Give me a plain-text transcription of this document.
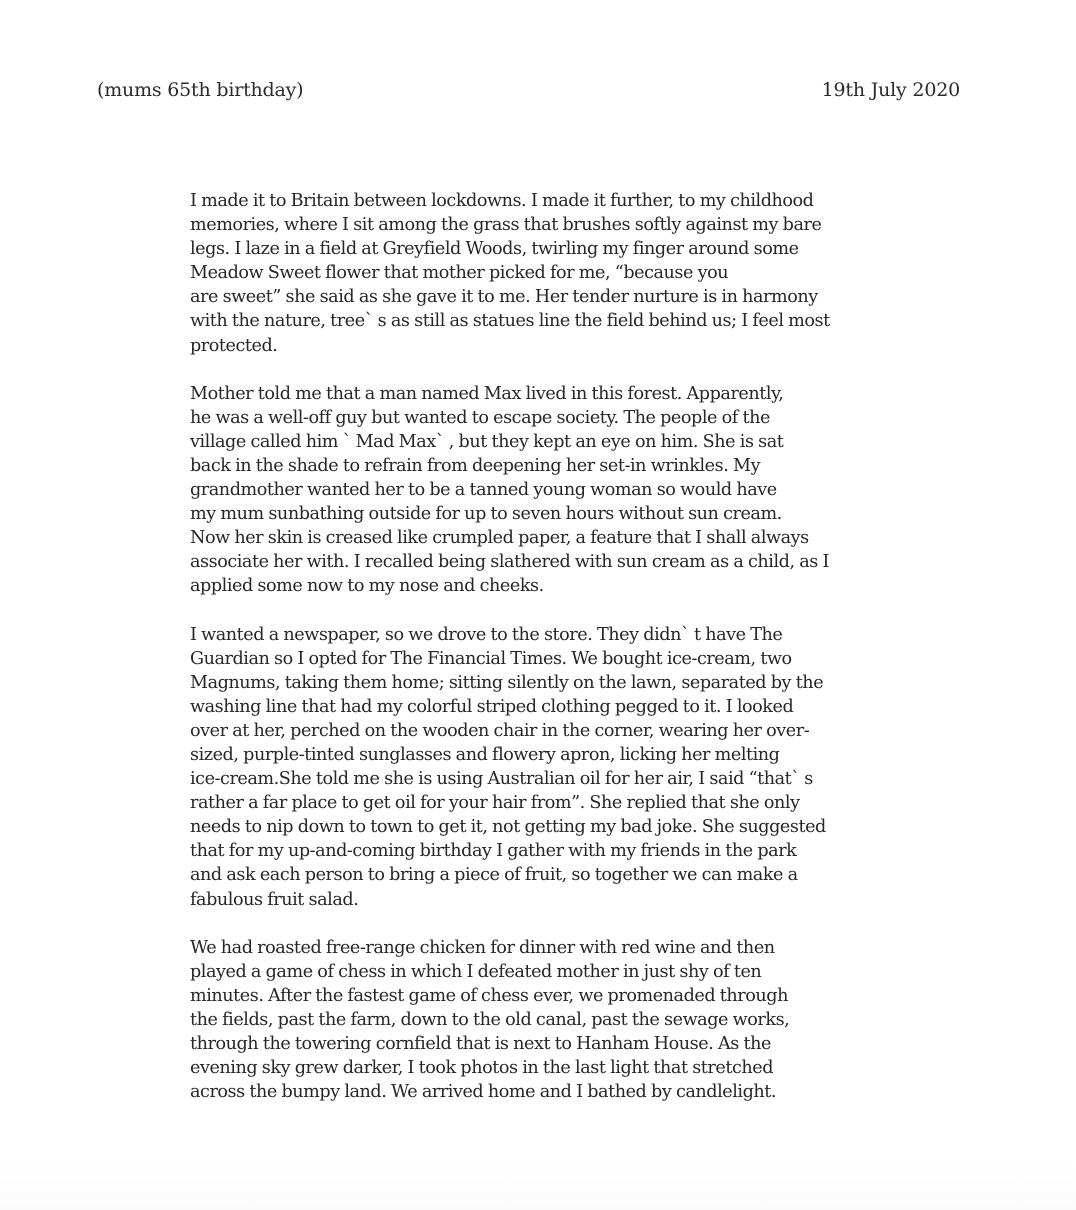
(mums 65th birthday)	19th July 2020

I made it to Britain between lockdowns. I made it further, to my childhood
memories, where I sit among the grass that brushes softly against my bare
legs. I laze in a field at Greyfield Woods, twirling my finger around some
Meadow Sweet flower that mother picked for me, “because you
are sweet” she said as she gave it to me. Her tender nurture is in harmony
with the nature, tree` s as still as statues line the field behind us; I feel most
protected.

Mother told me that a man named Max lived in this forest. Apparently,
he was a well-off guy but wanted to escape society. The people of the
village called him ` Mad Max` , but they kept an eye on him. She is sat
back in the shade to refrain from deepening her set-in wrinkles. My
grandmother wanted her to be a tanned young woman so would have
my mum sunbathing outside for up to seven hours without sun cream.
Now her skin is creased like crumpled paper, a feature that I shall always
associate her with. I recalled being slathered with sun cream as a child, as I
applied some now to my nose and cheeks.

I wanted a newspaper, so we drove to the store. They didn` t have The
Guardian so I opted for The Financial Times. We bought ice-cream, two
Magnums, taking them home; sitting silently on the lawn, separated by the
washing line that had my colorful striped clothing pegged to it. I looked
over at her, perched on the wooden chair in the corner, wearing her over-
sized, purple-tinted sunglasses and flowery apron, licking her melting
ice-cream.She told me she is using Australian oil for her air, I said “that` s
rather a far place to get oil for your hair from”. She replied that she only
needs to nip down to town to get it, not getting my bad joke. She suggested
that for my up-and-coming birthday I gather with my friends in the park
and ask each person to bring a piece of fruit, so together we can make a
fabulous fruit salad.

We had roasted free-range chicken for dinner with red wine and then
played a game of chess in which I defeated mother in just shy of ten
minutes. After the fastest game of chess ever, we promenaded through
the fields, past the farm, down to the old canal, past the sewage works,
through the towering cornfield that is next to Hanham House. As the
evening sky grew darker, I took photos in the last light that stretched
across the bumpy land. We arrived home and I bathed by candlelight.
